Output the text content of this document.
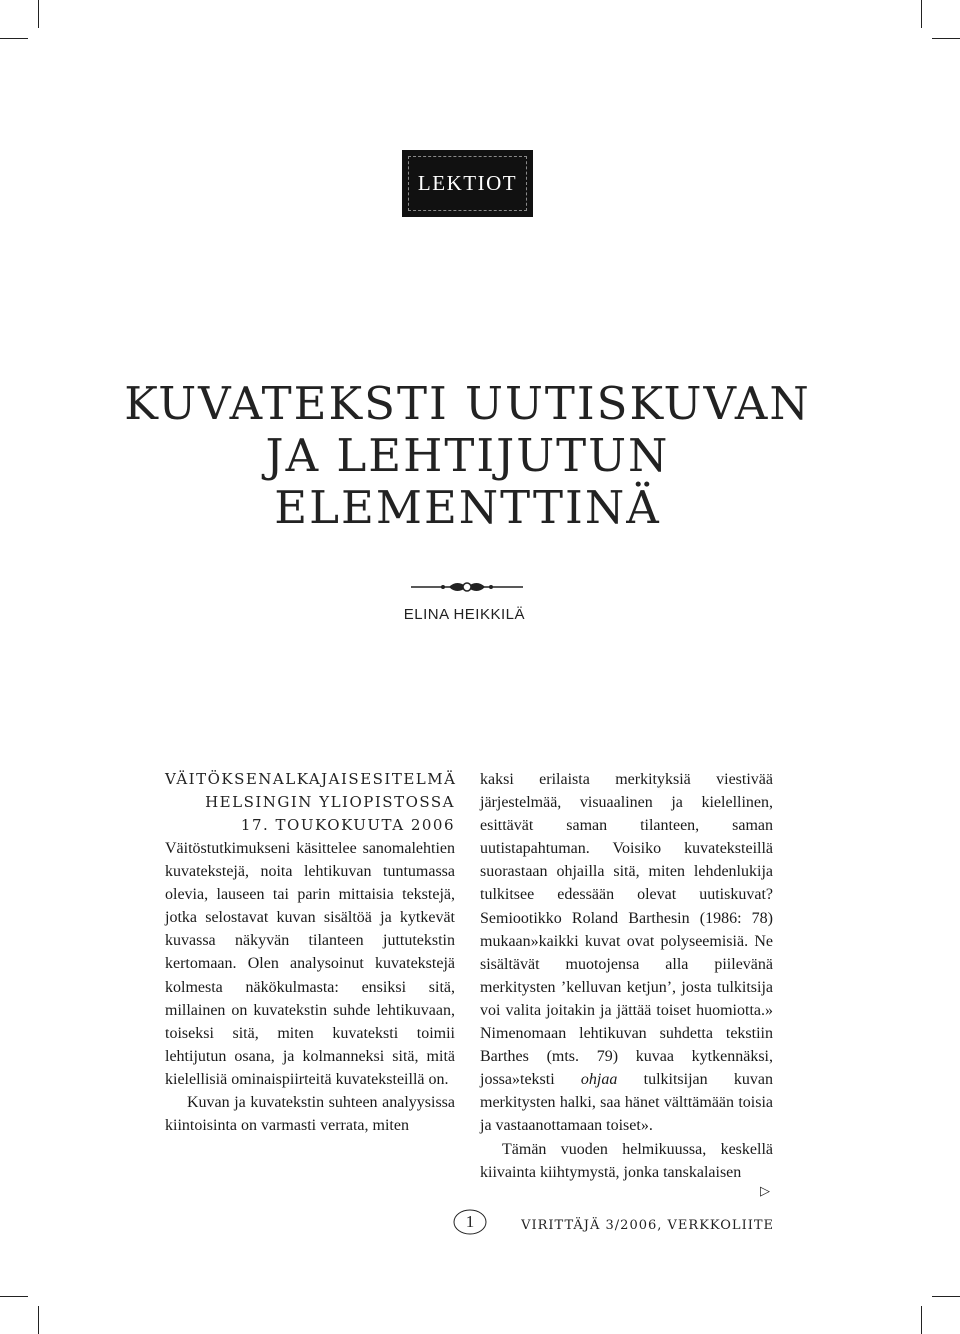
LEKTIOT
KUVATEKSTI UUTISKUVAN
JA LEHTIJUTUN
ELEMENTTINÄ
ELINA HEIKKILÄ
VÄITÖKSENALKAJAISESITELMÄ
HELSINGIN YLIOPISTOSSA
17. TOUKOKUUTA 2006

Väitöstutkimukseni käsittelee sanomalehtien kuvatekstejä, noita lehtikuvan tuntumassa olevia, lauseen tai parin mittaisia tekstejä, jotka selostavat kuvan sisältöä ja kytkevät kuvassa näkyvän tilanteen juttutekstin kertomaan. Olen analysoinut kuvatekstejä kolmesta näkökulmasta: ensiksi sitä, millainen on kuvatekstin suhde lehtikuvaan, toiseksi sitä, miten kuvateksti toimii lehtijutun osana, ja kolmanneksi sitä, mitä kielellisiä ominaispiirteitä kuvateksteillä on.

Kuvan ja kuvatekstin suhteen analyysissa kiintoisinta on varmasti verrata, miten

kaksi erilaista merkityksiä viestivää järjestelmää, visuaalinen ja kielellinen, esittävät saman tilanteen, saman uutistapahtuman. Voisiko kuvateksteillä suorastaan ohjailla sitä, miten lehdenlukija tulkitsee edessään olevat uutiskuvat? Semiootikko Roland Barthesin (1986: 78) mukaan»kaikki kuvat ovat polyseemisiä. Ne sisältävät muotojensa alla piilevänä merkitysten ’kelluvan ketjun’, josta tulkitsija voi valita joitakin ja jättää toiset huomiotta.» Nimenomaan lehtikuvan suhdetta tekstiin Barthes (mts. 79) kuvaa kytkennäksi, jossa»teksti ohjaa tulkitsijan kuvan merkitysten halki, saa hänet välttämään toisia ja vastaanottamaan toiset».

Tämän vuoden helmikuussa, keskellä kiivainta kiihtymystä, jonka tanskalaisen

▷
1	VIRITTÄJÄ 3/2006, VERKKOLIITE
